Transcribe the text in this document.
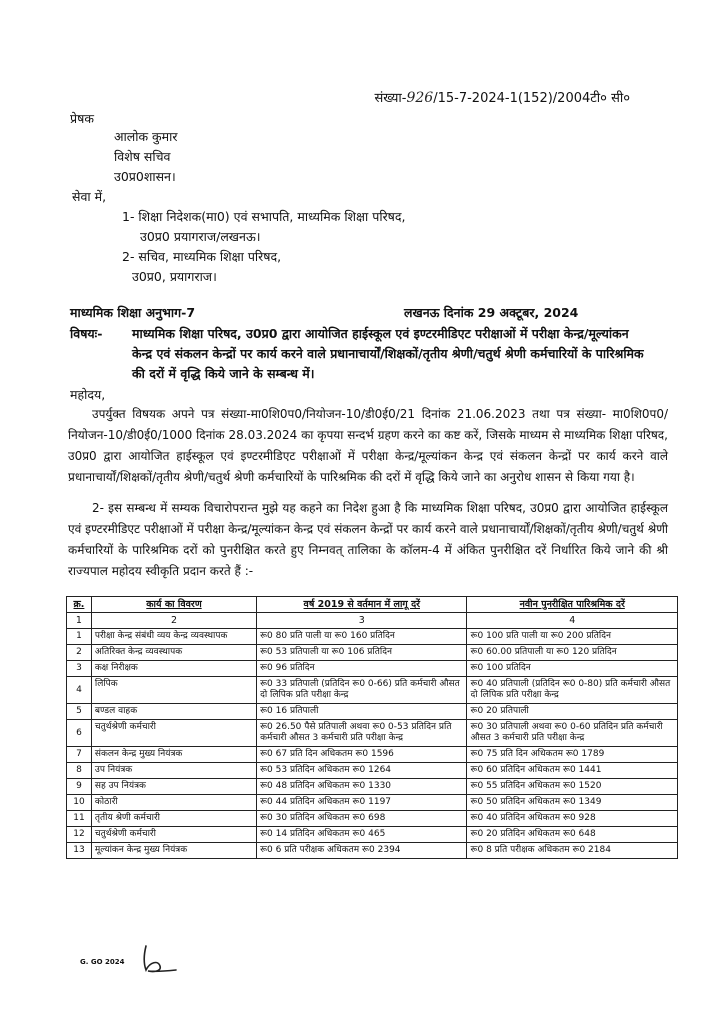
संख्या-926/15-7-2024-1(152)/2004टी० सी०
प्रेषक
आलोक कुमार
विशेष सचिव
उ0प्र0शासन।
सेवा में,
1- शिक्षा निदेशक(मा0) एवं सभापति, माध्यमिक शिक्षा परिषद,
उ0प्र0 प्रयागराज/लखनऊ।
2- सचिव, माध्यमिक शिक्षा परिषद,
उ0प्र0, प्रयागराज।
माध्यमिक शिक्षा अनुभाग-7	लखनऊ दिनांक 29 अक्टूबर, 2024
विषयः- माध्यमिक शिक्षा परिषद, उ0प्र0 द्वारा आयोजित हाईस्कूल एवं इण्टरमीडिएट परीक्षाओं में परीक्षा केन्द्र/मूल्यांकन केन्द्र एवं संकलन केन्द्रों पर कार्य करने वाले प्रधानाचार्यों/शिक्षकों/तृतीय श्रेणी/चतुर्थ श्रेणी कर्मचारियों के पारिश्रमिक की दरों में वृद्धि किये जाने के सम्बन्ध में।
महोदय,
उपर्युक्त विषयक अपने पत्र संख्या-मा0शि0प0/नियोजन-10/डी0ई0/21 दिनांक 21.06.2023 तथा पत्र संख्या- मा0शि0प0/नियोजन-10/डी0ई0/1000 दिनांक 28.03.2024 का कृपया सन्दर्भ ग्रहण करने का कष्ट करें, जिसके माध्यम से माध्यमिक शिक्षा परिषद, उ0प्र0 द्वारा आयोजित हाईस्कूल एवं इण्टरमीडिएट परीक्षाओं में परीक्षा केन्द्र/मूल्यांकन केन्द्र एवं संकलन केन्द्रों पर कार्य करने वाले प्रधानाचार्यों/शिक्षकों/तृतीय श्रेणी/चतुर्थ श्रेणी कर्मचारियों के पारिश्रमिक की दरों में वृद्धि किये जाने का अनुरोध शासन से किया गया है।
2- इस सम्बन्ध में सम्यक विचारोपरान्त मुझे यह कहने का निदेश हुआ है कि माध्यमिक शिक्षा परिषद, उ0प्र0 द्वारा आयोजित हाईस्कूल एवं इण्टरमीडिएट परीक्षाओं में परीक्षा केन्द्र/मूल्यांकन केन्द्र एवं संकलन केन्द्रों पर कार्य करने वाले प्रधानाचार्यों/शिक्षकों/तृतीय श्रेणी/चतुर्थ श्रेणी कर्मचारियों के पारिश्रमिक दरों को पुनरीक्षित करते हुए निम्नवत् तालिका के कॉलम-4 में अंकित पुनरीक्षित दरें निर्धारित किये जाने की श्री राज्यपाल महोदय स्वीकृति प्रदान करते हैं :-
क्र.	कार्य का विवरण	वर्ष 2019 से वर्तमान में लागू दरें	नवीन पुनरीक्षित पारिश्रमिक दरें
1	2	3	4
1	परीक्षा केन्द्र संबंधी व्यय केन्द्र व्यवस्थापक	रू0 80 प्रति पाली या रू0 160 प्रतिदिन	रू0 100 प्रति पाली या रू0 200 प्रतिदिन
2	अतिरिक्त केन्द्र व्यवस्थापक	रू0 53 प्रतिपाली या रू0 106 प्रतिदिन	रू0 60.00 प्रतिपाली या रू0 120 प्रतिदिन
3	कक्ष निरीक्षक	रू0 96 प्रतिदिन	रू0 100 प्रतिदिन
4	लिपिक	रू0 33 प्रतिपाली (प्रतिदिन रू0 0-66) प्रति कर्मचारी औसत दो लिपिक प्रति परीक्षा केन्द्र	रू0 40 प्रतिपाली (प्रतिदिन रू0 0-80) प्रति कर्मचारी औसत दो लिपिक प्रति परीक्षा केन्द्र
5	बण्डल वाहक	रू0 16 प्रतिपाली	रू0 20 प्रतिपाली
6	चतुर्थश्रेणी कर्मचारी	रू0 26.50 पैसे प्रतिपाली अथवा रू0 0-53 प्रतिदिन प्रति कर्मचारी औसत 3 कर्मचारी प्रति परीक्षा केन्द्र	रू0 30 प्रतिपाली अथवा रू0 0-60 प्रतिदिन प्रति कर्मचारी औसत 3 कर्मचारी प्रति परीक्षा केन्द्र
7	संकलन केन्द्र मुख्य नियंत्रक	रू0 67 प्रति दिन अधिकतम रू0 1596	रू0 75 प्रति दिन अधिकतम रू0 1789
8	उप नियंत्रक	रू0 53 प्रतिदिन अधिकतम रू0 1264	रू0 60 प्रतिदिन अधिकतम रू0 1441
9	सह उप नियंत्रक	रू0 48 प्रतिदिन अधिकतम रू0 1330	रू0 55 प्रतिदिन अधिकतम रू0 1520
10	कोठारी	रू0 44 प्रतिदिन अधिकतम रू0 1197	रू0 50 प्रतिदिन अधिकतम रू0 1349
11	तृतीय श्रेणी कर्मचारी	रू0 30 प्रतिदिन अधिकतम रू0 698	रू0 40 प्रतिदिन अधिकतम रू0 928
12	चतुर्थश्रेणी कर्मचारी	रू0 14 प्रतिदिन अधिकतम रू0 465	रू0 20 प्रतिदिन अधिकतम रू0 648
13	मूल्यांकन केन्द्र मुख्य नियंत्रक	रू0 6 प्रति परीक्षक अधिकतम रू0 2394	रू0 8 प्रति परीक्षक अधिकतम रू0 2184
G. GO 2024
